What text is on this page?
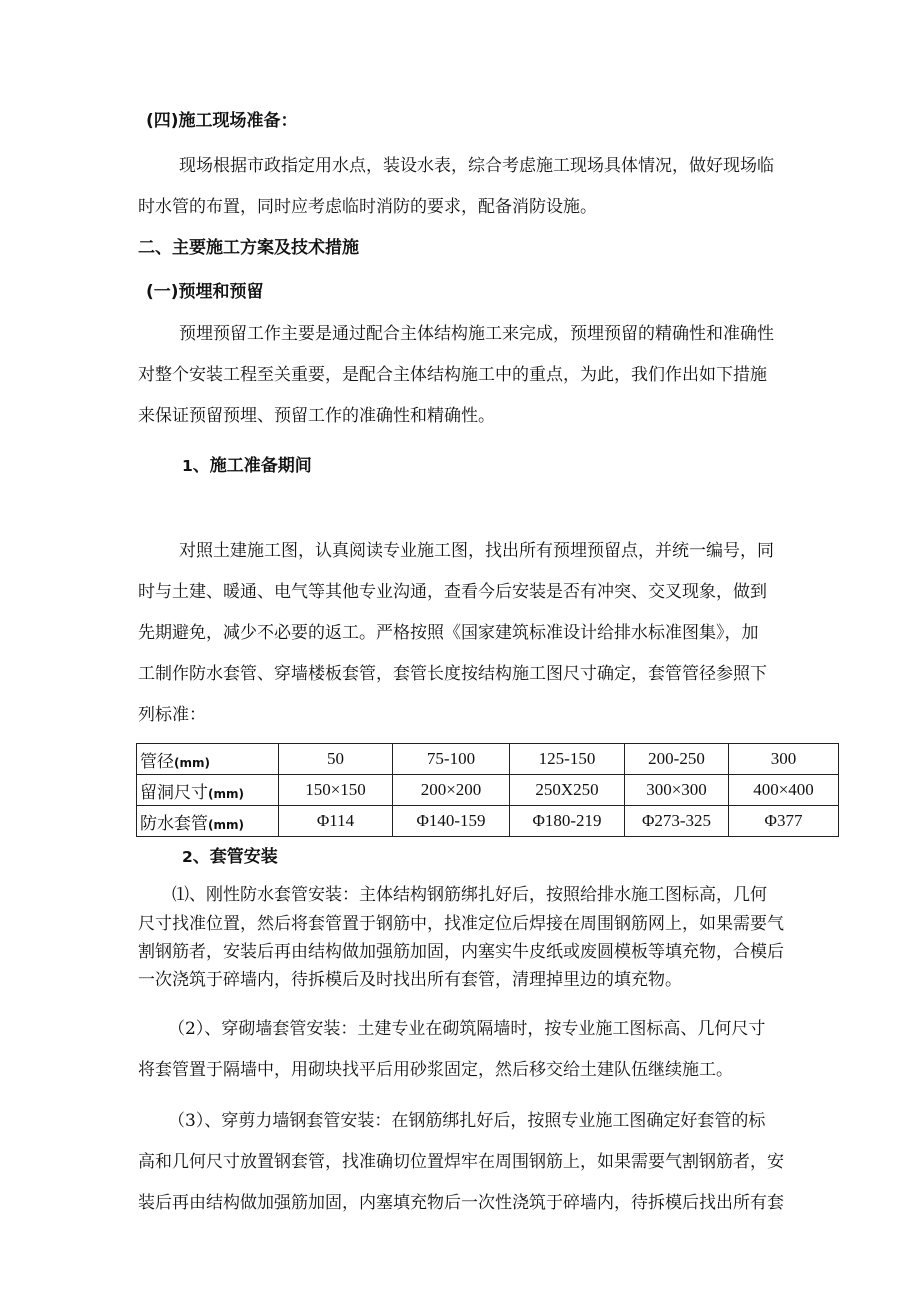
(四)施工现场准备：
现场根据市政指定用水点，装设水表，综合考虑施工现场具体情况，做好现场临
时水管的布置，同时应考虑临时消防的要求，配备消防设施。
二、主要施工方案及技术措施
(一)预埋和预留
预埋预留工作主要是通过配合主体结构施工来完成，预埋预留的精确性和准确性
对整个安装工程至关重要，是配合主体结构施工中的重点，为此，我们作出如下措施
来保证预留预埋、预留工作的准确性和精确性。
1、施工准备期间
对照土建施工图，认真阅读专业施工图，找出所有预埋预留点，并统一编号，同
时与土建、暖通、电气等其他专业沟通，查看今后安装是否有冲突、交叉现象，做到
先期避免，减少不必要的返工。严格按照《国家建筑标准设计给排水标准图集》，加
工制作防水套管、穿墙楼板套管，套管长度按结构施工图尺寸确定，套管管径参照下
列标准：
管径(mm)	50	75-100	125-150	200-250	300
留洞尺寸(mm)	150×150	200×200	250X250	300×300	400×400
防水套管(mm)	Φ114	Φ140-159	Φ180-219	Φ273-325	Φ377
2、套管安装
⑴、刚性防水套管安装：主体结构钢筋绑扎好后，按照给排水施工图标高，几何
尺寸找准位置，然后将套管置于钢筋中，找准定位后焊接在周围钢筋网上，如果需要气
割钢筋者，安装后再由结构做加强筋加固，内塞实牛皮纸或废圆模板等填充物，合模后
一次浇筑于碎墙内，待拆模后及时找出所有套管，清理掉里边的填充物。
（2）、穿砌墙套管安装：土建专业在砌筑隔墙时，按专业施工图标高、几何尺寸
将套管置于隔墙中，用砌块找平后用砂浆固定，然后移交给土建队伍继续施工。
（3）、穿剪力墙钢套管安装：在钢筋绑扎好后，按照专业施工图确定好套管的标
高和几何尺寸放置钢套管，找准确切位置焊牢在周围钢筋上，如果需要气割钢筋者，安
装后再由结构做加强筋加固，内塞填充物后一次性浇筑于碎墙内，待拆模后找出所有套
